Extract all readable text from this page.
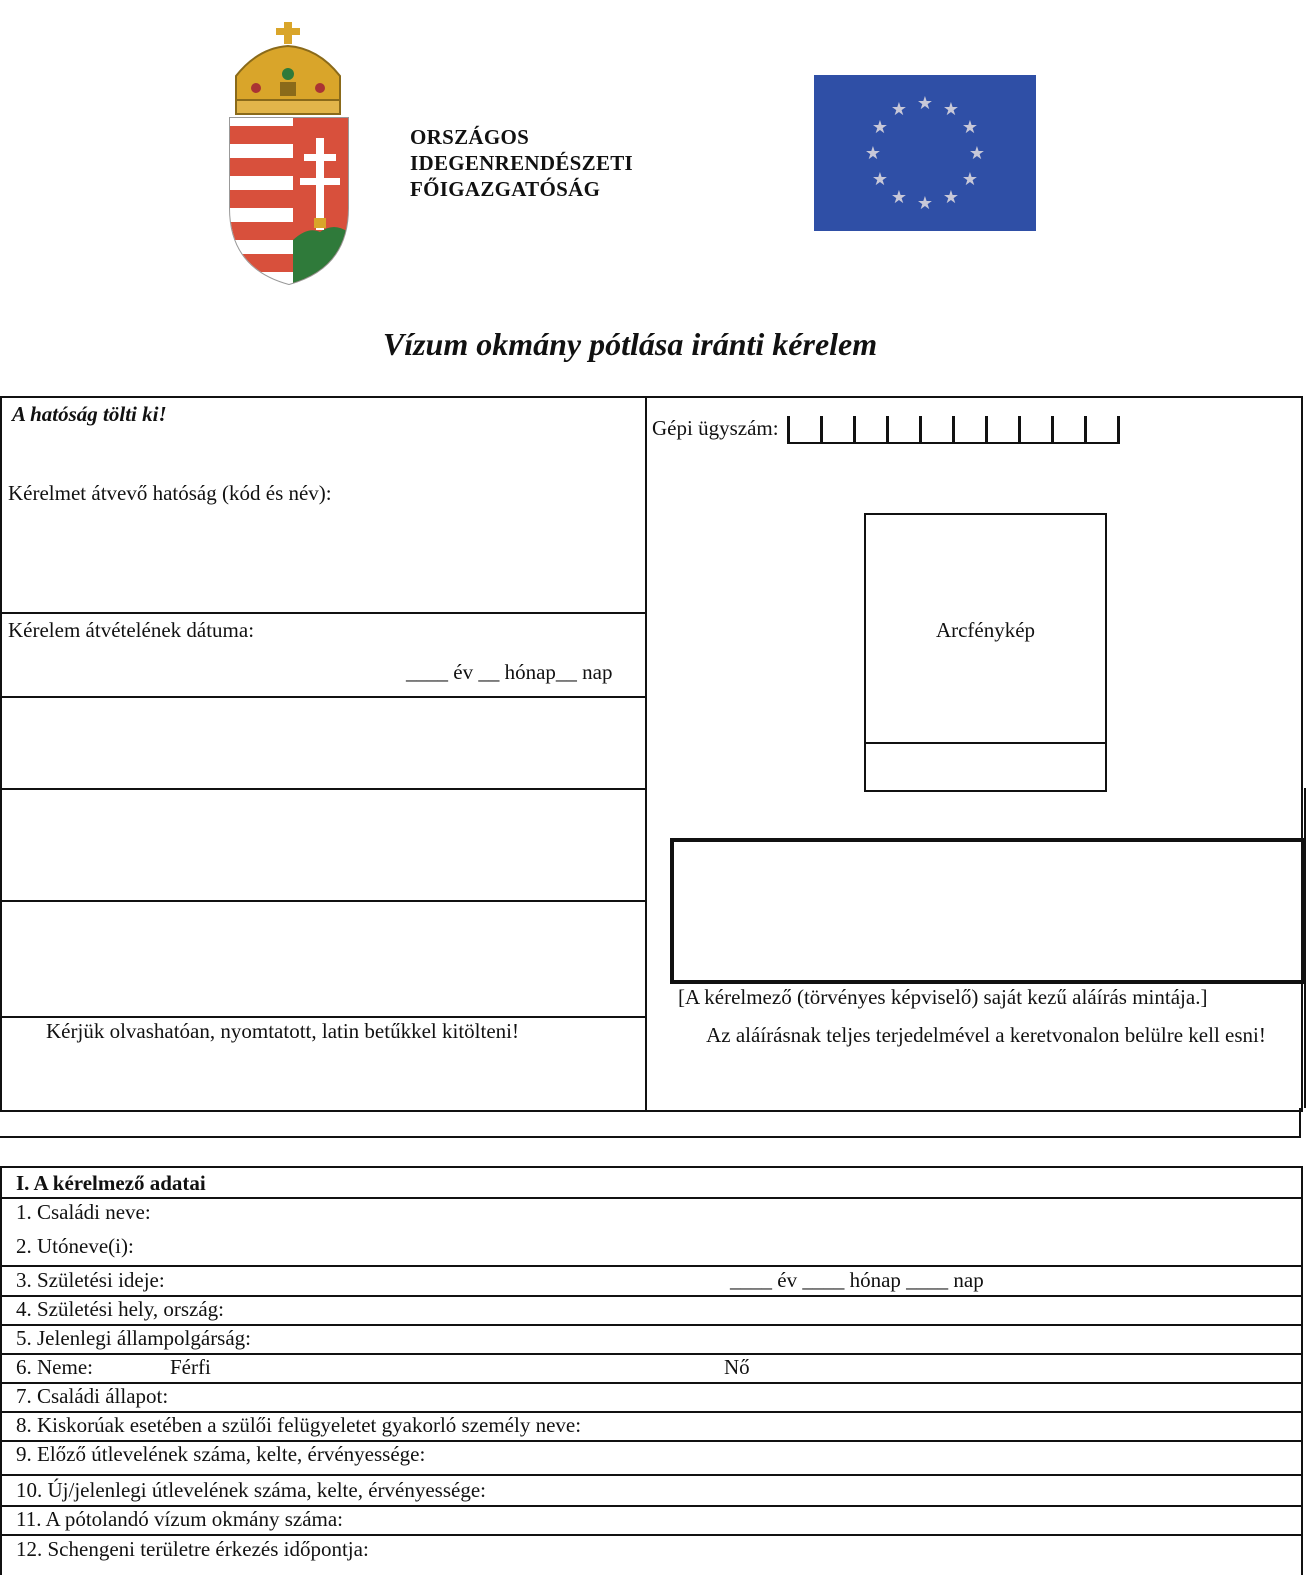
ORSZÁGOS
IDEGENRENDÉSZETI
FŐIGAZGATÓSÁG
★ ★
★
★
★
★
★
★
★
★
★
★
Vízum okmány pótlása iránti kérelem
A hatóság tölti ki!
Kérelmet átvevő hatóság (kód és név):
Kérelem átvételének dátuma:
____ év __ hónap__ nap
Kérjük olvashatóan, nyomtatott, latin betűkkel kitölteni!
Gépi ügyszám:
Arcfénykép
[A kérelmező (törvényes képviselő) saját kezű aláírás mintája.]
Az aláírásnak teljes terjedelmével a keretvonalon belülre kell esni!
I. A kérelmező adatai
1. Családi neve:
2. Utóneve(i):
3. Születési ideje:	____ év ____ hónap ____ nap
4. Születési hely, ország:
5. Jelenlegi állampolgárság:
6. Neme:	Férfi	Nő
7. Családi állapot:
8. Kiskorúak esetében a szülői felügyeletet gyakorló személy neve:
9. Előző útlevelének száma, kelte, érvényessége:
10. Új/jelenlegi útlevelének száma, kelte, érvényessége:
11. A pótolandó vízum okmány száma:
12. Schengeni területre érkezés időpontja:
